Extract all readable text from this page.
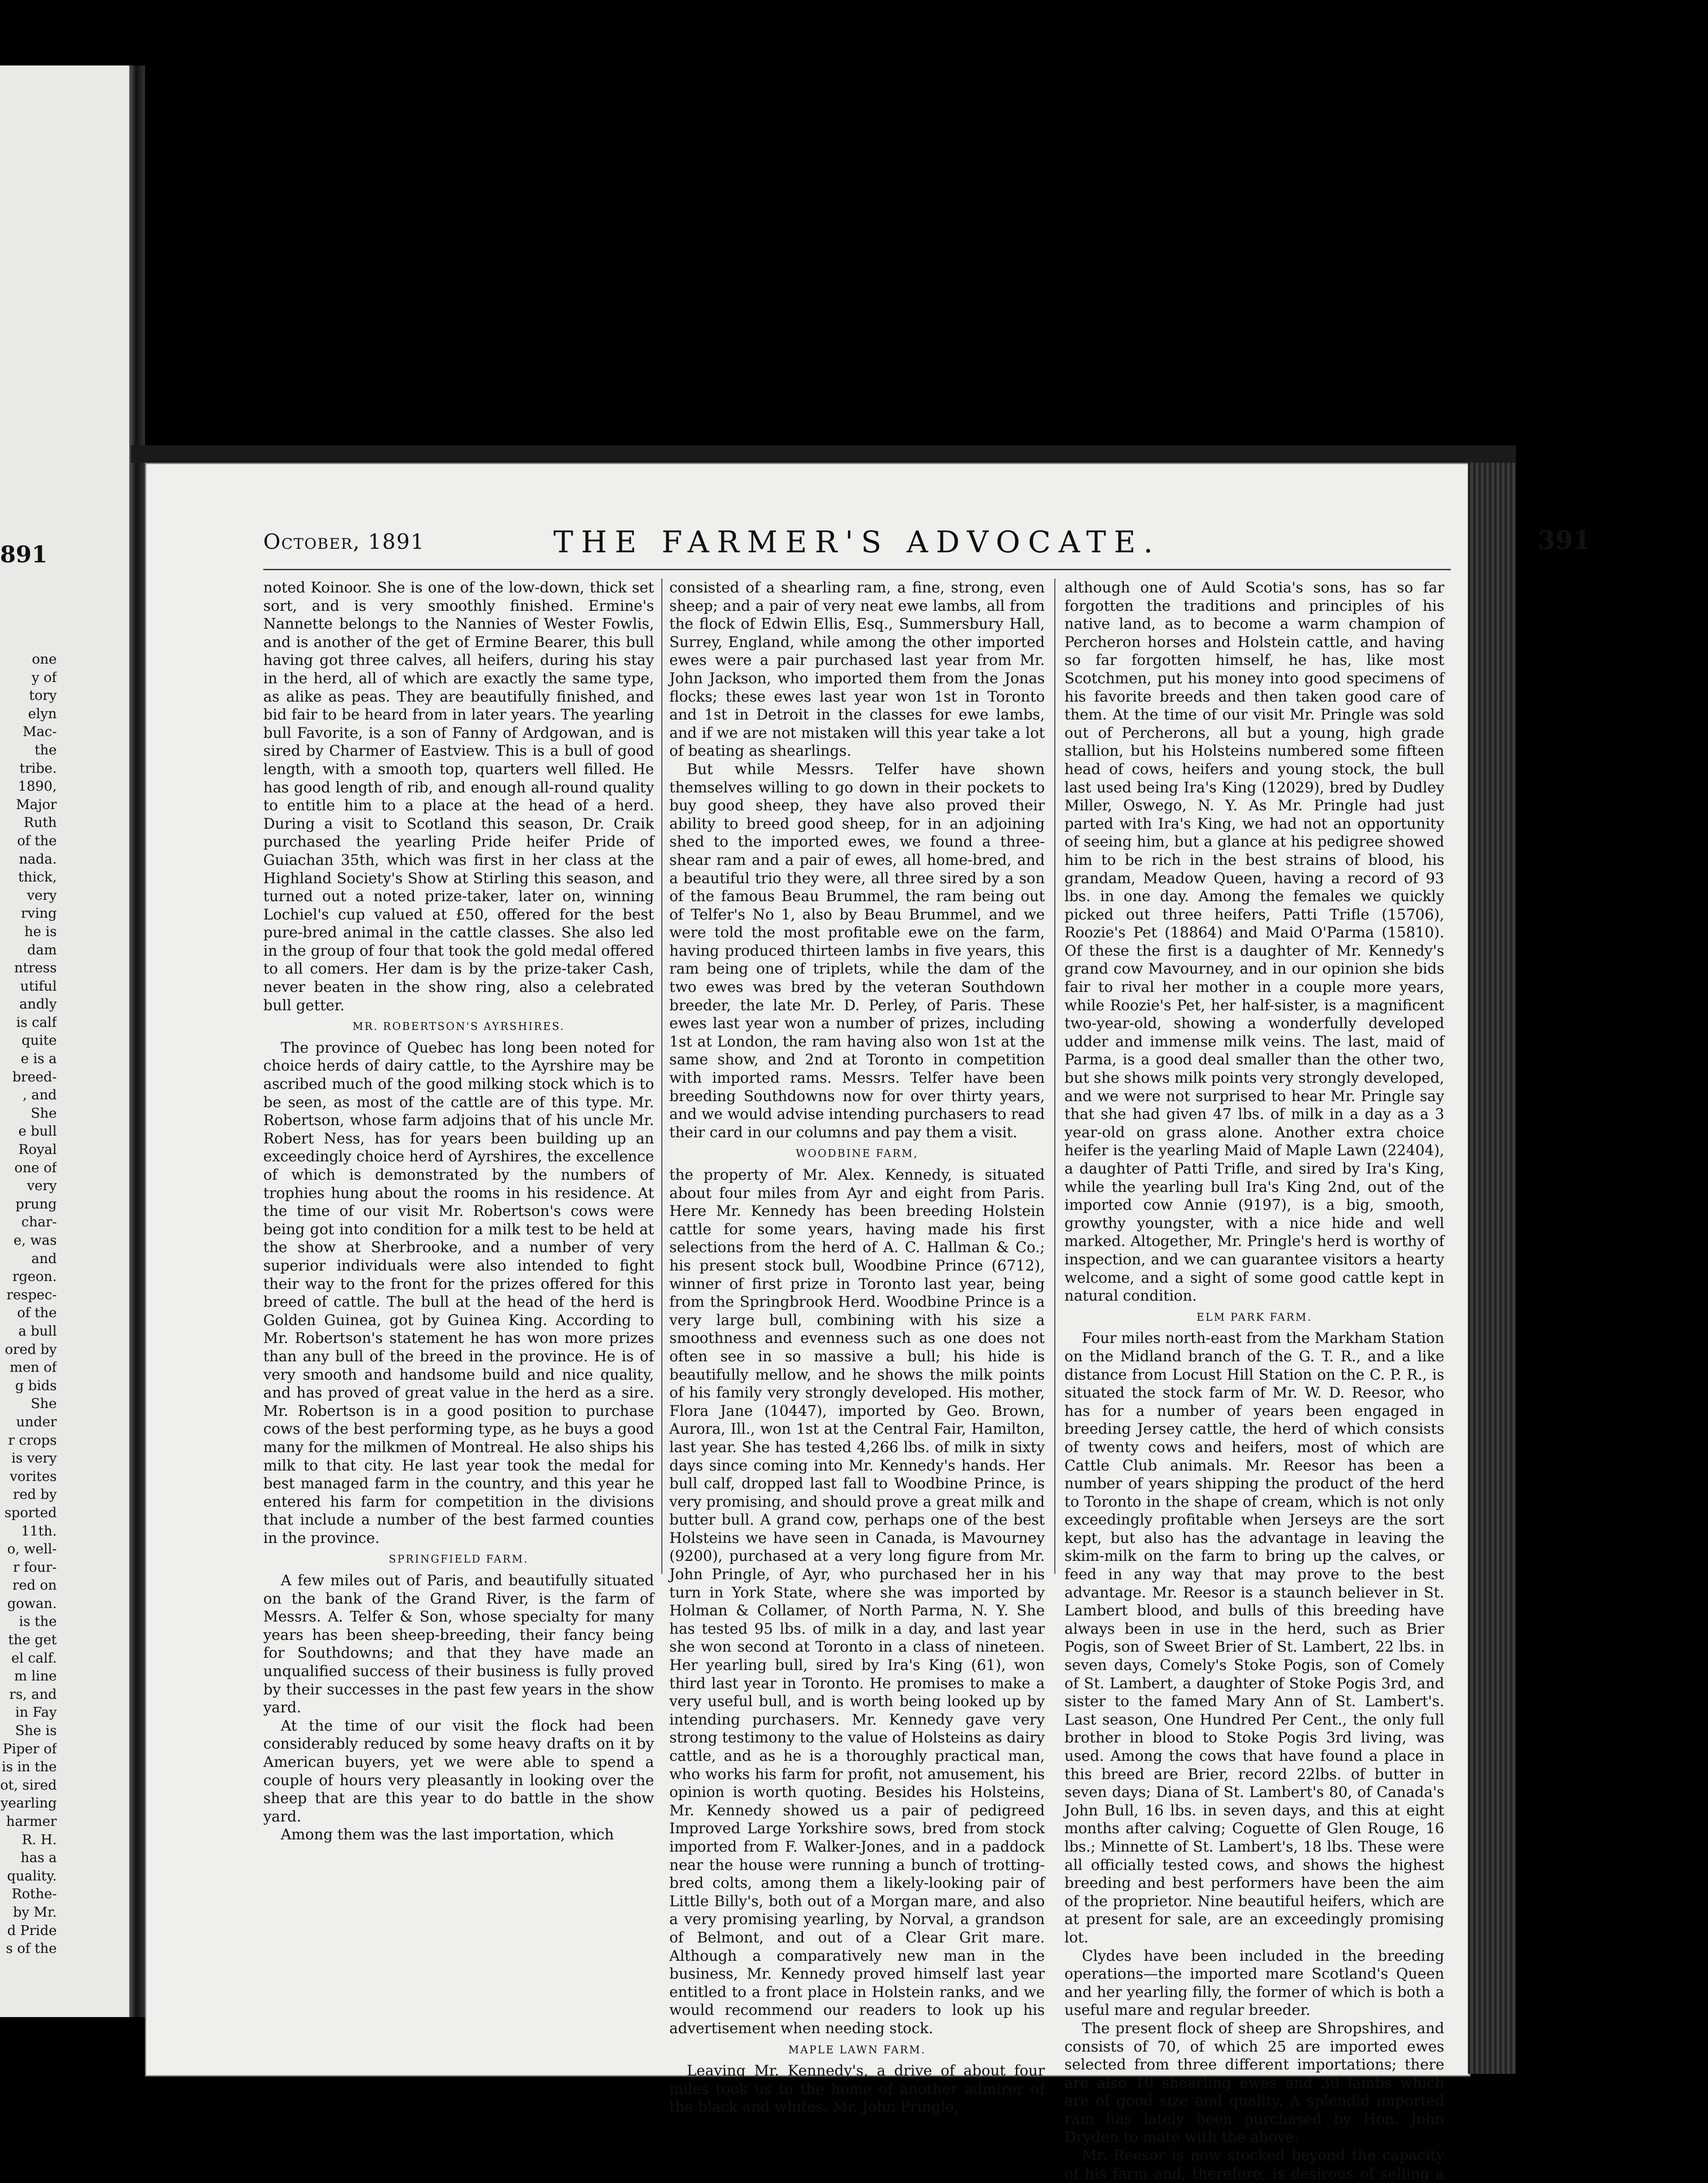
891
one
y of
tory
elyn
Mac-
the
tribe.
1890,
Major
Ruth
of the
nada.
thick,
very
rving
he is
dam
ntress
utiful
andly
is calf
quite
e is a
breed-
, and
She
e bull
Royal
one of
very
prung
char-
e, was
and
rgeon.
respec-
of the
a bull
ored by
men of
g bids
She
under
r crops
is very
vorites
red by
sported
11th.
o, well-
r four-
red on
gowan.
is the
the get
el calf.
m line
rs, and
in Fay
She is
Piper of
is in the
ot, sired
yearling
harmer
R. H.
has a
quality.
Rothe-
by Mr.
d Pride
s of the
October, 1891	THE FARMER'S ADVOCATE.	391

noted Koinoor. She is one of the low-down, thick set sort, and is very smoothly finished. Ermine's Nannette belongs to the Nannies of Wester Fowlis, and is another of the get of Ermine Bearer, this bull having got three calves, all heifers, during his stay in the herd, all of which are exactly the same type, as alike as peas. They are beautifully finished, and bid fair to be heard from in later years. The yearling bull Favorite, is a son of Fanny of Ardgowan, and is sired by Charmer of Eastview. This is a bull of good length, with a smooth top, quarters well filled. He has good length of rib, and enough all-round quality to entitle him to a place at the head of a herd. During a visit to Scotland this season, Dr. Craik purchased the yearling Pride heifer Pride of Guiachan 35th, which was first in her class at the Highland Society's Show at Stirling this season, and turned out a noted prize-taker, later on, winning Lochiel's cup valued at £50, offered for the best pure-bred animal in the cattle classes. She also led in the group of four that took the gold medal offered to all comers. Her dam is by the prize-taker Cash, never beaten in the show ring, also a celebrated bull getter.

MR. ROBERTSON'S AYRSHIRES.

The province of Quebec has long been noted for choice herds of dairy cattle, to the Ayrshire may be ascribed much of the good milking stock which is to be seen, as most of the cattle are of this type. Mr. Robertson, whose farm adjoins that of his uncle Mr. Robert Ness, has for years been building up an exceedingly choice herd of Ayrshires, the excellence of which is demonstrated by the numbers of trophies hung about the rooms in his residence. At the time of our visit Mr. Robertson's cows were being got into condition for a milk test to be held at the show at Sherbrooke, and a number of very superior individuals were also intended to fight their way to the front for the prizes offered for this breed of cattle. The bull at the head of the herd is Golden Guinea, got by Guinea King. According to Mr. Robertson's statement he has won more prizes than any bull of the breed in the province. He is of very smooth and handsome build and nice quality, and has proved of great value in the herd as a sire. Mr. Robertson is in a good position to purchase cows of the best performing type, as he buys a good many for the milkmen of Montreal. He also ships his milk to that city. He last year took the medal for best managed farm in the country, and this year he entered his farm for competition in the divisions that include a number of the best farmed counties in the province.

SPRINGFIELD FARM.

A few miles out of Paris, and beautifully situated on the bank of the Grand River, is the farm of Messrs. A. Telfer & Son, whose specialty for many years has been sheep-breeding, their fancy being for Southdowns; and that they have made an unqualified success of their business is fully proved by their successes in the past few years in the show yard.

At the time of our visit the flock had been considerably reduced by some heavy drafts on it by American buyers, yet we were able to spend a couple of hours very pleasantly in looking over the sheep that are this year to do battle in the show yard.

Among them was the last importation, which

consisted of a shearling ram, a fine, strong, even sheep; and a pair of very neat ewe lambs, all from the flock of Edwin Ellis, Esq., Summersbury Hall, Surrey, England, while among the other imported ewes were a pair purchased last year from Mr. John Jackson, who imported them from the Jonas flocks; these ewes last year won 1st in Toronto and 1st in Detroit in the classes for ewe lambs, and if we are not mistaken will this year take a lot of beating as shearlings.

But while Messrs. Telfer have shown themselves willing to go down in their pockets to buy good sheep, they have also proved their ability to breed good sheep, for in an adjoining shed to the imported ewes, we found a three-shear ram and a pair of ewes, all home-bred, and a beautiful trio they were, all three sired by a son of the famous Beau Brummel, the ram being out of Telfer's No 1, also by Beau Brummel, and we were told the most profitable ewe on the farm, having produced thirteen lambs in five years, this ram being one of triplets, while the dam of the two ewes was bred by the veteran Southdown breeder, the late Mr. D. Perley, of Paris. These ewes last year won a number of prizes, including 1st at London, the ram having also won 1st at the same show, and 2nd at Toronto in competition with imported rams. Messrs. Telfer have been breeding Southdowns now for over thirty years, and we would advise intending purchasers to read their card in our columns and pay them a visit.

WOODBINE FARM,

the property of Mr. Alex. Kennedy, is situated about four miles from Ayr and eight from Paris. Here Mr. Kennedy has been breeding Holstein cattle for some years, having made his first selections from the herd of A. C. Hallman & Co.; his present stock bull, Woodbine Prince (6712), winner of first prize in Toronto last year, being from the Springbrook Herd. Woodbine Prince is a very large bull, combining with his size a smoothness and evenness such as one does not often see in so massive a bull; his hide is beautifully mellow, and he shows the milk points of his family very strongly developed. His mother, Flora Jane (10447), imported by Geo. Brown, Aurora, Ill., won 1st at the Central Fair, Hamilton, last year. She has tested 4,266 lbs. of milk in sixty days since coming into Mr. Kennedy's hands. Her bull calf, dropped last fall to Woodbine Prince, is very promising, and should prove a great milk and butter bull. A grand cow, perhaps one of the best Holsteins we have seen in Canada, is Mavourney (9200), purchased at a very long figure from Mr. John Pringle, of Ayr, who purchased her in his turn in York State, where she was imported by Holman & Collamer, of North Parma, N. Y. She has tested 95 lbs. of milk in a day, and last year she won second at Toronto in a class of nineteen. Her yearling bull, sired by Ira's King (61), won third last year in Toronto. He promises to make a very useful bull, and is worth being looked up by intending purchasers. Mr. Kennedy gave very strong testimony to the value of Holsteins as dairy cattle, and as he is a thoroughly practical man, who works his farm for profit, not amusement, his opinion is worth quoting. Besides his Holsteins, Mr. Kennedy showed us a pair of pedigreed Improved Large Yorkshire sows, bred from stock imported from F. Walker-Jones, and in a paddock near the house were running a bunch of trotting-bred colts, among them a likely-looking pair of Little Billy's, both out of a Morgan mare, and also a very promising yearling, by Norval, a grandson of Belmont, and out of a Clear Grit mare. Although a comparatively new man in the business, Mr. Kennedy proved himself last year entitled to a front place in Holstein ranks, and we would recommend our readers to look up his advertisement when needing stock.

MAPLE LAWN FARM.

Leaving Mr. Kennedy's, a drive of about four miles took us to the home of another admirer of the black and whites. Mr. John Pringle,

although one of Auld Scotia's sons, has so far forgotten the traditions and principles of his native land, as to become a warm champion of Percheron horses and Holstein cattle, and having so far forgotten himself, he has, like most Scotchmen, put his money into good specimens of his favorite breeds and then taken good care of them. At the time of our visit Mr. Pringle was sold out of Percherons, all but a young, high grade stallion, but his Holsteins numbered some fifteen head of cows, heifers and young stock, the bull last used being Ira's King (12029), bred by Dudley Miller, Oswego, N. Y. As Mr. Pringle had just parted with Ira's King, we had not an opportunity of seeing him, but a glance at his pedigree showed him to be rich in the best strains of blood, his grandam, Meadow Queen, having a record of 93 lbs. in one day. Among the females we quickly picked out three heifers, Patti Trifle (15706), Roozie's Pet (18864) and Maid O'Parma (15810). Of these the first is a daughter of Mr. Kennedy's grand cow Mavourney, and in our opinion she bids fair to rival her mother in a couple more years, while Roozie's Pet, her half-sister, is a magnificent two-year-old, showing a wonderfully developed udder and immense milk veins. The last, maid of Parma, is a good deal smaller than the other two, but she shows milk points very strongly developed, and we were not surprised to hear Mr. Pringle say that she had given 47 lbs. of milk in a day as a 3 year-old on grass alone. Another extra choice heifer is the yearling Maid of Maple Lawn (22404), a daughter of Patti Trifle, and sired by Ira's King, while the yearling bull Ira's King 2nd, out of the imported cow Annie (9197), is a big, smooth, growthy youngster, with a nice hide and well marked. Altogether, Mr. Pringle's herd is worthy of inspection, and we can guarantee visitors a hearty welcome, and a sight of some good cattle kept in natural condition.

ELM PARK FARM.

Four miles north-east from the Markham Station on the Midland branch of the G. T. R., and a like distance from Locust Hill Station on the C. P. R., is situated the stock farm of Mr. W. D. Reesor, who has for a number of years been engaged in breeding Jersey cattle, the herd of which consists of twenty cows and heifers, most of which are Cattle Club animals. Mr. Reesor has been a number of years shipping the product of the herd to Toronto in the shape of cream, which is not only exceedingly profitable when Jerseys are the sort kept, but also has the advantage in leaving the skim-milk on the farm to bring up the calves, or feed in any way that may prove to the best advantage. Mr. Reesor is a staunch believer in St. Lambert blood, and bulls of this breeding have always been in use in the herd, such as Brier Pogis, son of Sweet Brier of St. Lambert, 22 lbs. in seven days, Comely's Stoke Pogis, son of Comely of St. Lambert, a daughter of Stoke Pogis 3rd, and sister to the famed Mary Ann of St. Lambert's. Last season, One Hundred Per Cent., the only full brother in blood to Stoke Pogis 3rd living, was used. Among the cows that have found a place in this breed are Brier, record 22lbs. of butter in seven days; Diana of St. Lambert's 80, of Canada's John Bull, 16 lbs. in seven days, and this at eight months after calving; Coguette of Glen Rouge, 16 lbs.; Minnette of St. Lambert's, 18 lbs. These were all officially tested cows, and shows the highest breeding and best performers have been the aim of the proprietor. Nine beautiful heifers, which are at present for sale, are an exceedingly promising lot.

Clydes have been included in the breeding operations—the imported mare Scotland's Queen and her yearling filly, the former of which is both a useful mare and regular breeder.

The present flock of sheep are Shropshires, and consists of 70, of which 25 are imported ewes selected from three different importations; there are also 10 shearling ewes and 30 lambs which are of good size and quality. A splendid imported ram has lately been purchased by Hon. John Dryden to mate with the above.

Mr. Reesor is now stocked beyond the capacity of his farm and, therefore, is desirous of selling a
